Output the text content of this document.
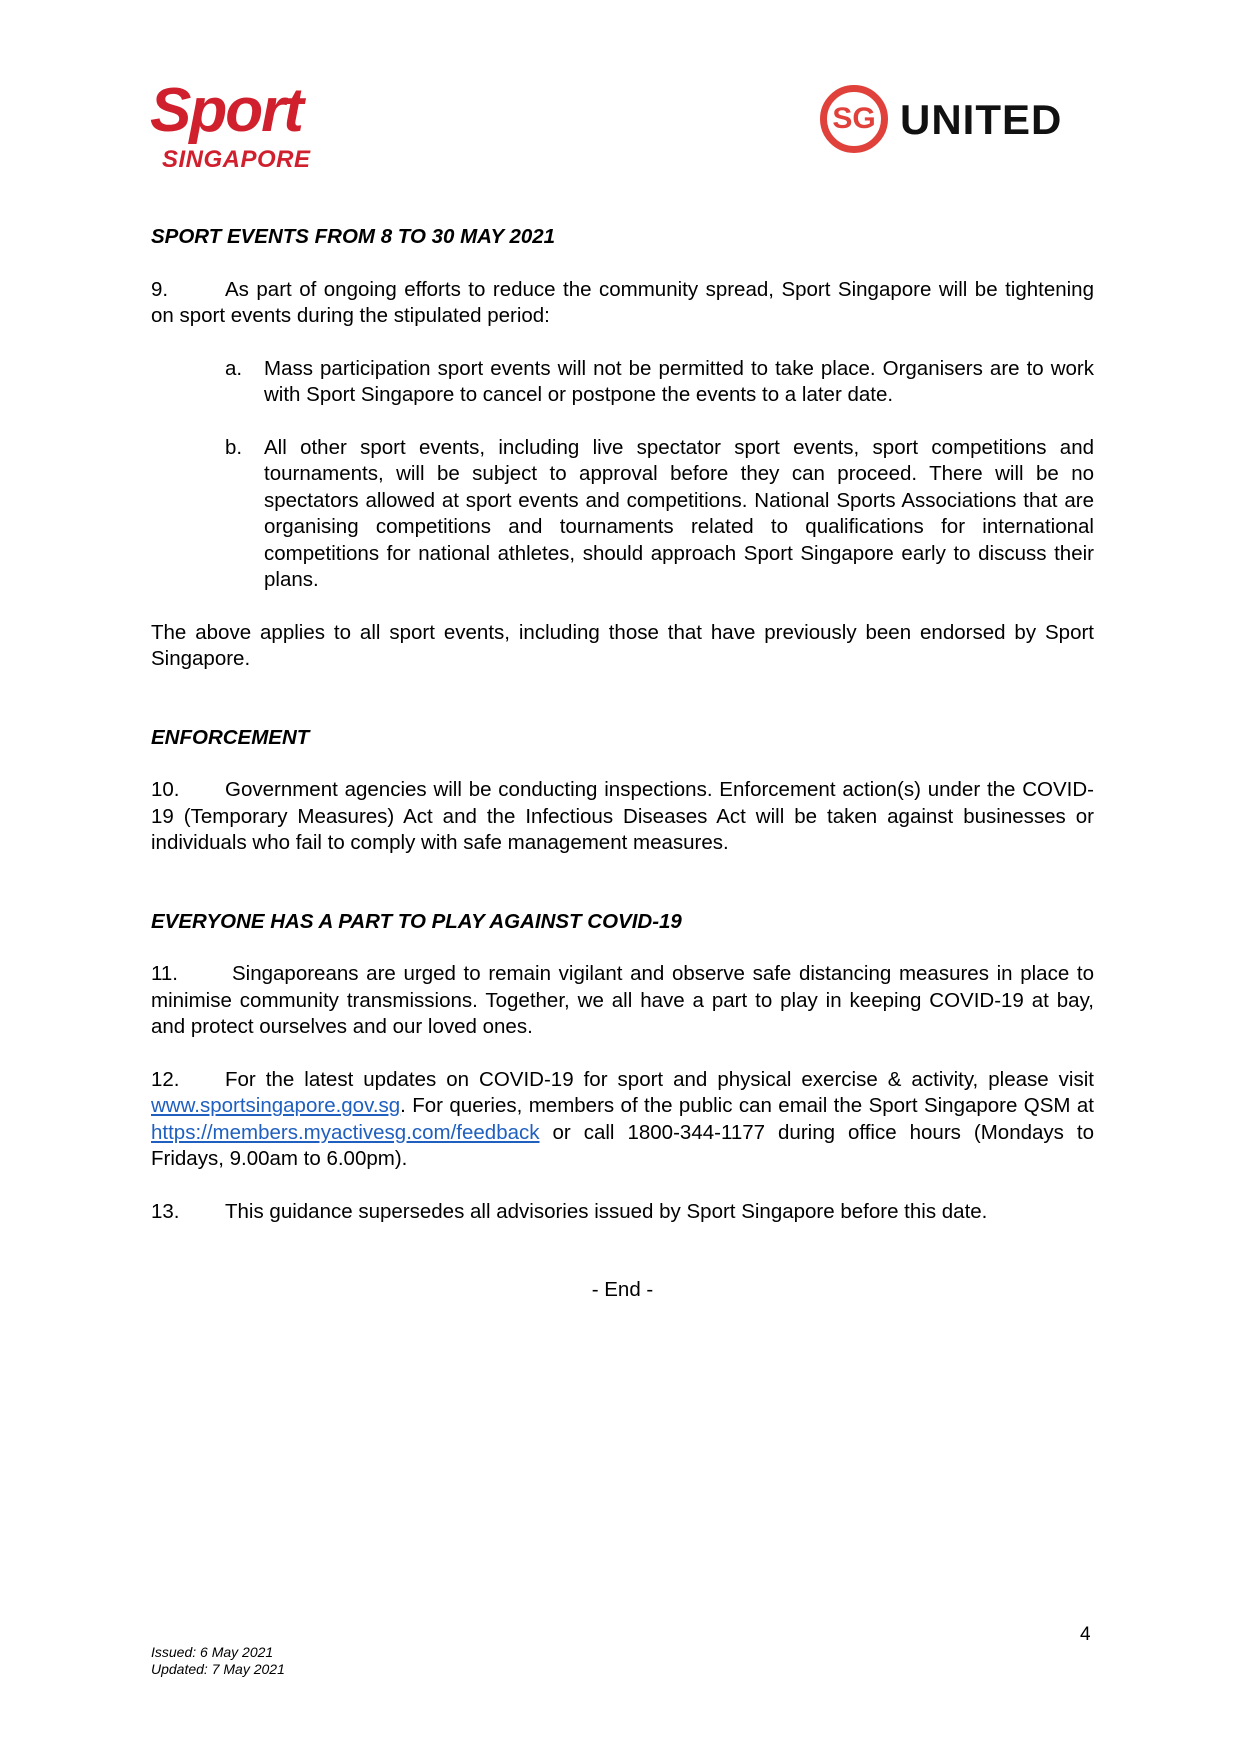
Sport
SINGAPORE
SG UNITED

SPORT EVENTS FROM 8 TO 30 MAY 2021

9.	As part of ongoing efforts to reduce the community spread, Sport Singapore will be tightening on sport events during the stipulated period:

a. Mass participation sport events will not be permitted to take place. Organisers are to work with Sport Singapore to cancel or postpone the events to a later date.
b. All other sport events, including live spectator sport events, sport competitions and tournaments, will be subject to approval before they can proceed. There will be no spectators allowed at sport events and competitions. National Sports Associations that are organising competitions and tournaments related to qualifications for international competitions for national athletes, should approach Sport Singapore early to discuss their plans.

The above applies to all sport events, including those that have previously been endorsed by Sport Singapore.

ENFORCEMENT

10. Government agencies will be conducting inspections. Enforcement action(s) under the COVID-19 (Temporary Measures) Act and the Infectious Diseases Act will be taken against businesses or individuals who fail to comply with safe management measures.

EVERYONE HAS A PART TO PLAY AGAINST COVID-19

11.	Singaporeans are urged to remain vigilant and observe safe distancing measures in place to minimise community transmissions. Together, we all have a part to play in keeping COVID-19 at bay, and protect ourselves and our loved ones.

12. For the latest updates on COVID-19 for sport and physical exercise & activity, please visit www.sportsingapore.gov.sg. For queries, members of the public can email the Sport Singapore QSM at https://members.myactivesg.com/feedback or call 1800-344-1177 during office hours (Mondays to Fridays, 9.00am to 6.00pm).

13. This guidance supersedes all advisories issued by Sport Singapore before this date.

- End -

4
Issued: 6 May 2021
Updated: 7 May 2021
